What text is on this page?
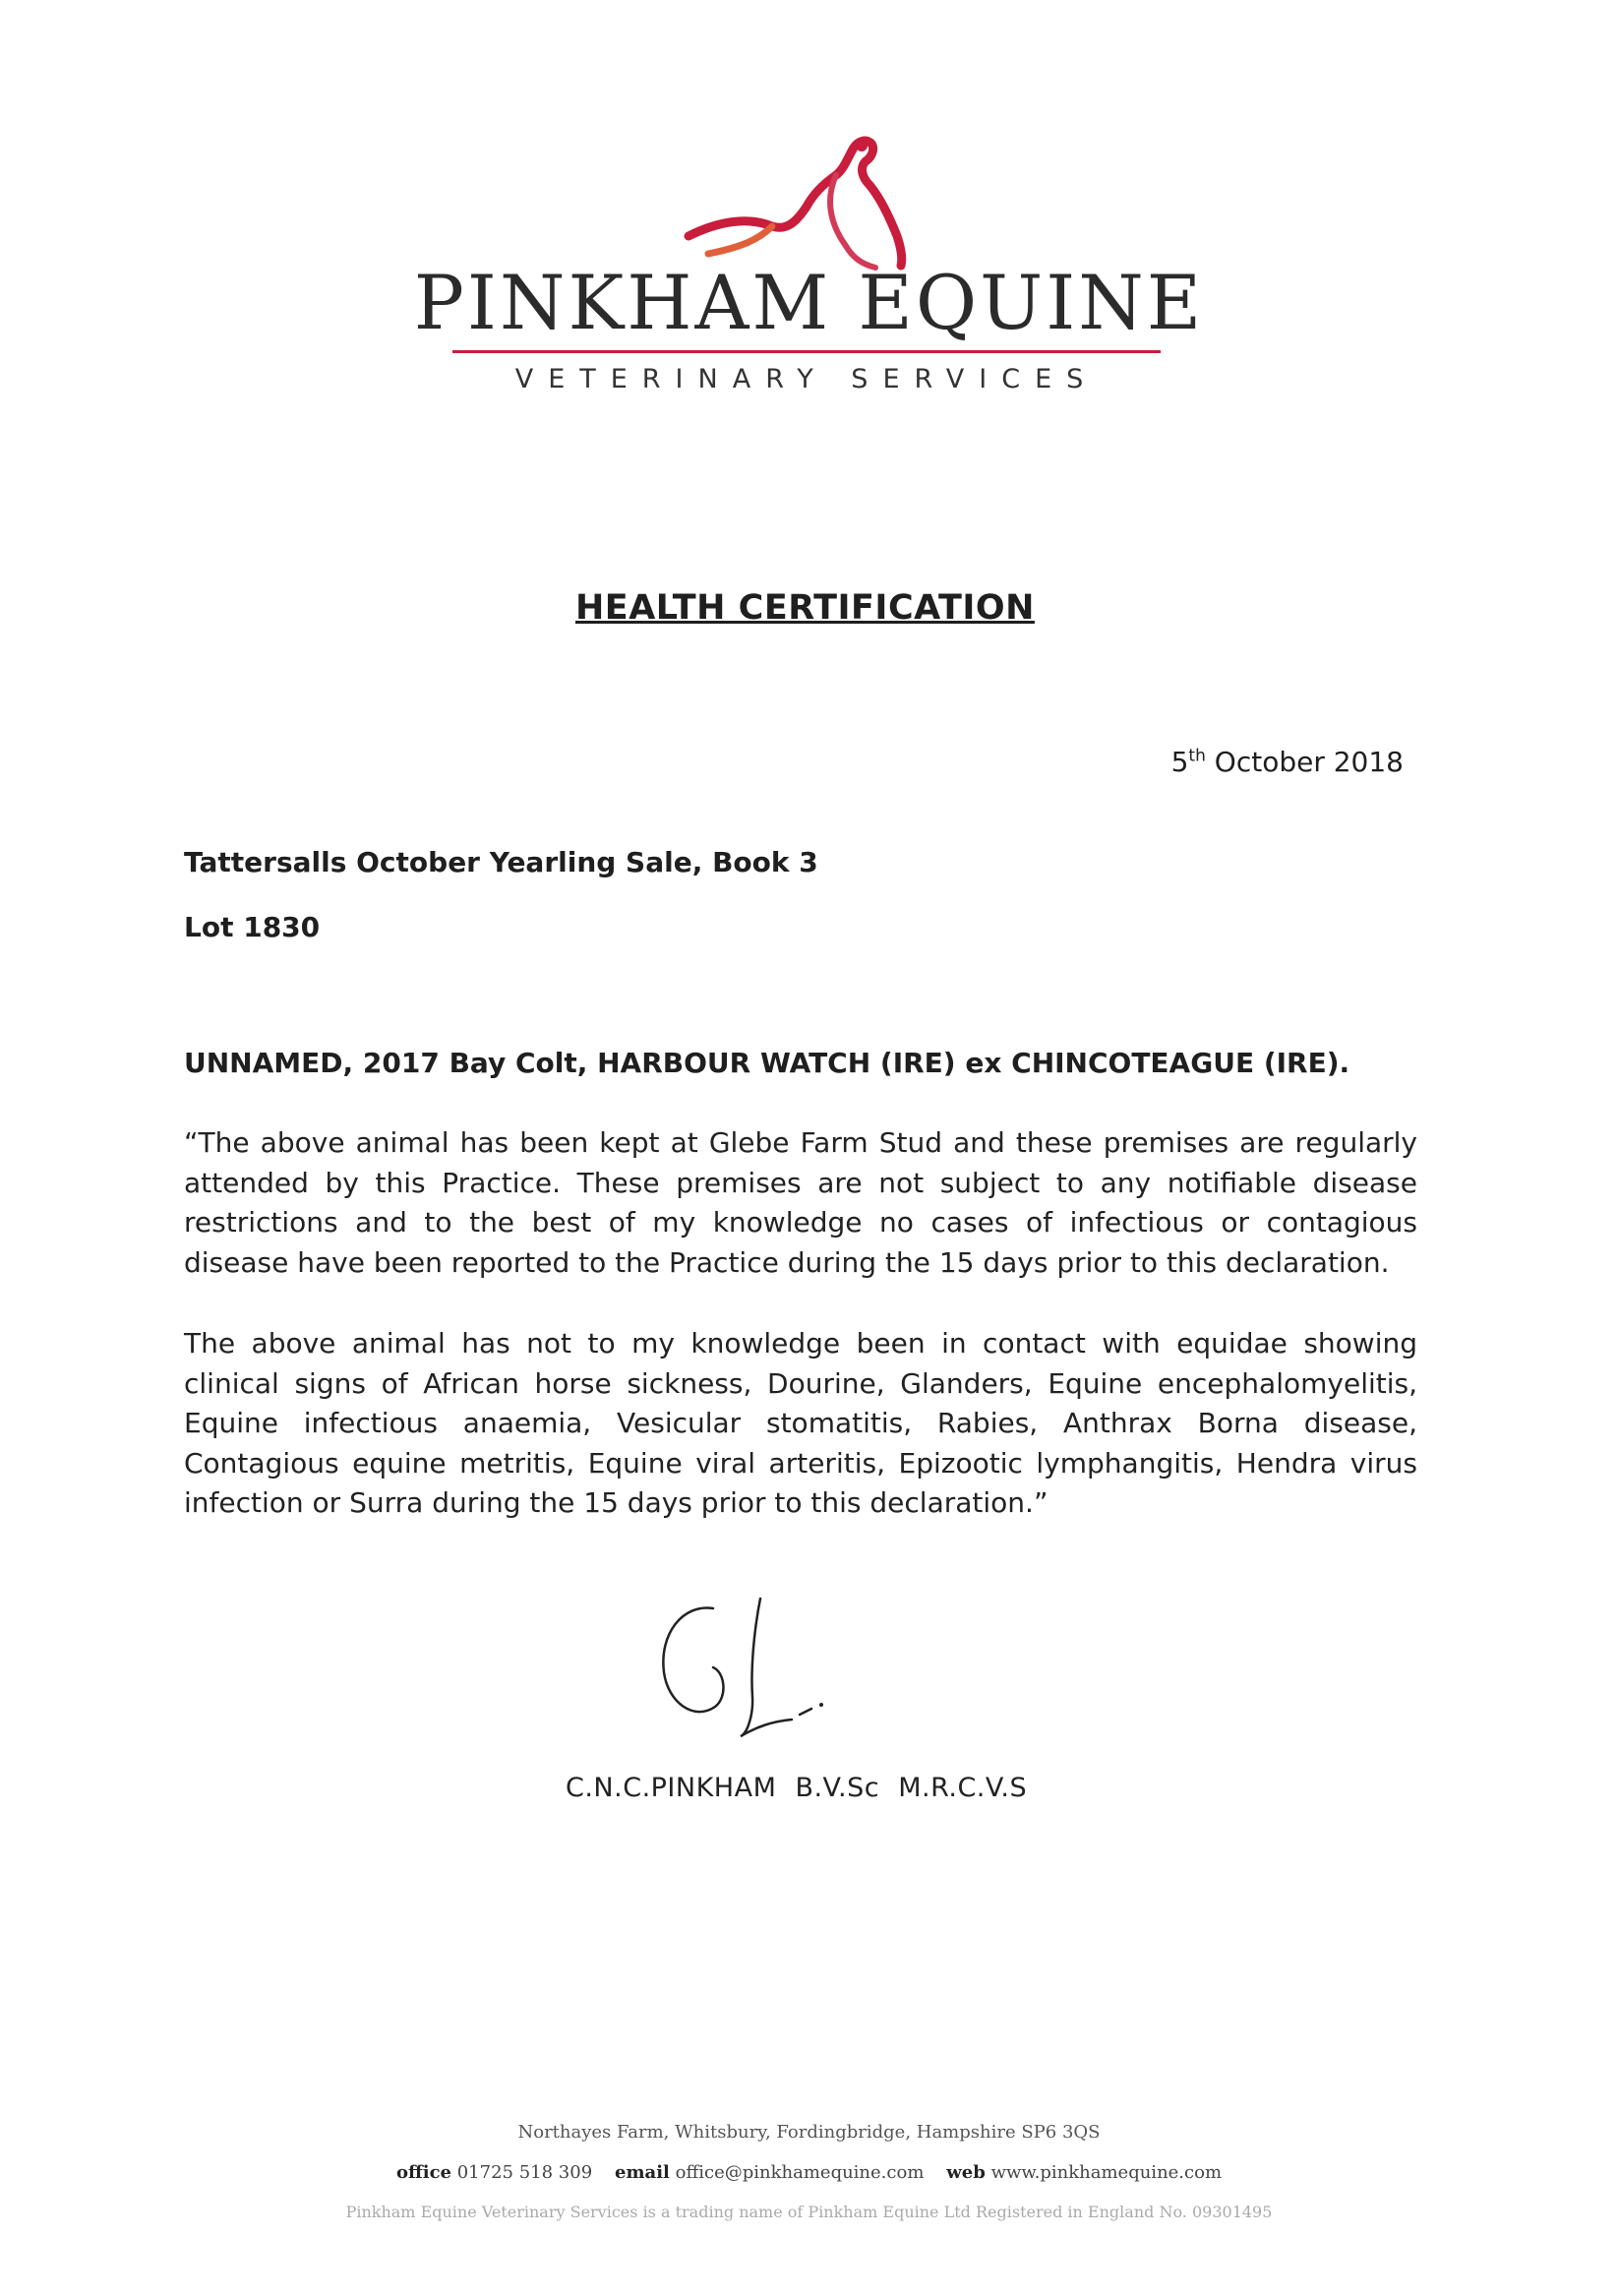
PINKHAM EQUINE
VETERINARY SERVICES
HEALTH CERTIFICATION
5th October 2018
Tattersalls October Yearling Sale, Book 3
Lot 1830
UNNAMED, 2017 Bay Colt, HARBOUR WATCH (IRE) ex CHINCOTEAGUE (IRE).
“The above animal has been kept at Glebe Farm Stud and these premises are regularly attended by this Practice. These premises are not subject to any notifiable disease restrictions and to the best of my knowledge no cases of infectious or contagious disease have been reported to the Practice during the 15 days prior to this declaration.
The above animal has not to my knowledge been in contact with equidae showing clinical signs of African horse sickness, Dourine, Glanders, Equine encephalomyelitis, Equine infectious anaemia, Vesicular stomatitis, Rabies, Anthrax Borna disease, Contagious equine metritis, Equine viral arteritis, Epizootic lymphangitis, Hendra virus infection or Surra during the 15 days prior to this declaration.”
C.N.C.PINKHAM B.V.Sc M.R.C.V.S
Northayes Farm, Whitsbury, Fordingbridge, Hampshire SP6 3QS
office 01725 518 309 email office@pinkhamequine.com web www.pinkhamequine.com
Pinkham Equine Veterinary Services is a trading name of Pinkham Equine Ltd Registered in England No. 09301495
